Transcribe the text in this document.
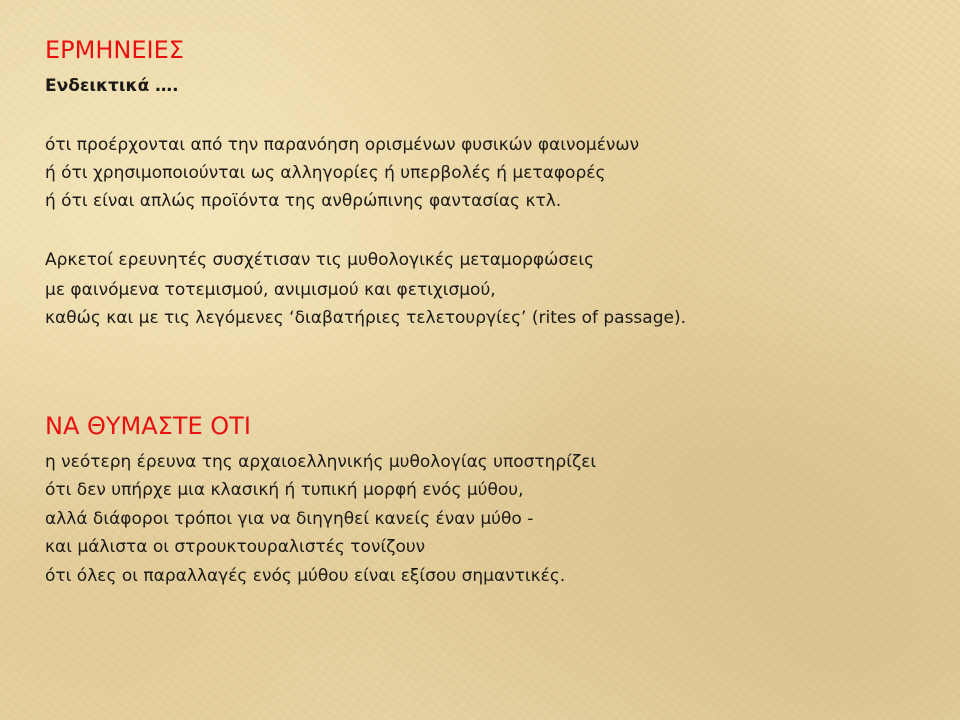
ΕΡΜΗΝΕΙΕΣ
Ενδεικτικά ….
ότι προέρχονται από την παρανόηση ορισμένων φυσικών φαινομένων
ή ότι χρησιμοποιούνται ως αλληγορίες ή υπερβολές ή μεταφορές
ή ότι είναι απλώς προϊόντα της ανθρώπινης φαντασίας κτλ.
Αρκετοί ερευνητές συσχέτισαν τις μυθολογικές μεταμορφώσεις
με φαινόμενα τοτεμισμού, ανιμισμού και φετιχισμού,
καθώς και με τις λεγόμενες ‘διαβατήριες τελετουργίες’ (rites of passage).
ΝΑ ΘΥΜΑΣΤΕ ΟΤΙ
η νεότερη έρευνα της αρχαιοελληνικής μυθολογίας υποστηρίζει
ότι δεν υπήρχε μια κλασική ή τυπική μορφή ενός μύθου,
αλλά διάφοροι τρόποι για να διηγηθεί κανείς έναν μύθο -
και μάλιστα οι στρουκτουραλιστές τονίζουν
ότι όλες οι παραλλαγές ενός μύθου είναι εξίσου σημαντικές.
